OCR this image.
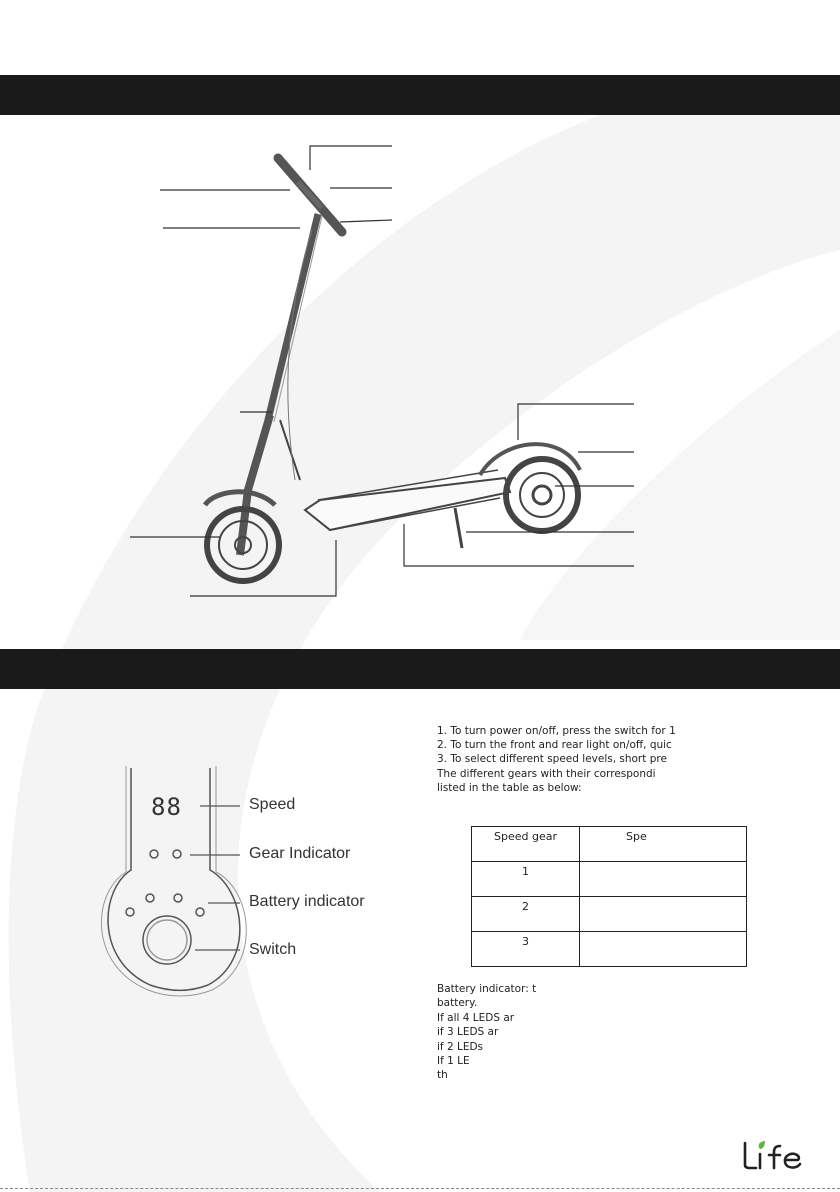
88	Speed
Gear Indicator
Battery indicator
Switch
1. To turn power on/off, press the switch for 1
2. To turn the front and rear light on/off, quic
3. To select different speed levels, short pre
The different gears with their correspondi
listed in the table as below:
Speed gear	Spe
1	
2	
3	
Battery indicator: t
battery.
If all 4 LEDS ar
if 3 LEDS ar
if 2 LEDs
If 1 LE
th
